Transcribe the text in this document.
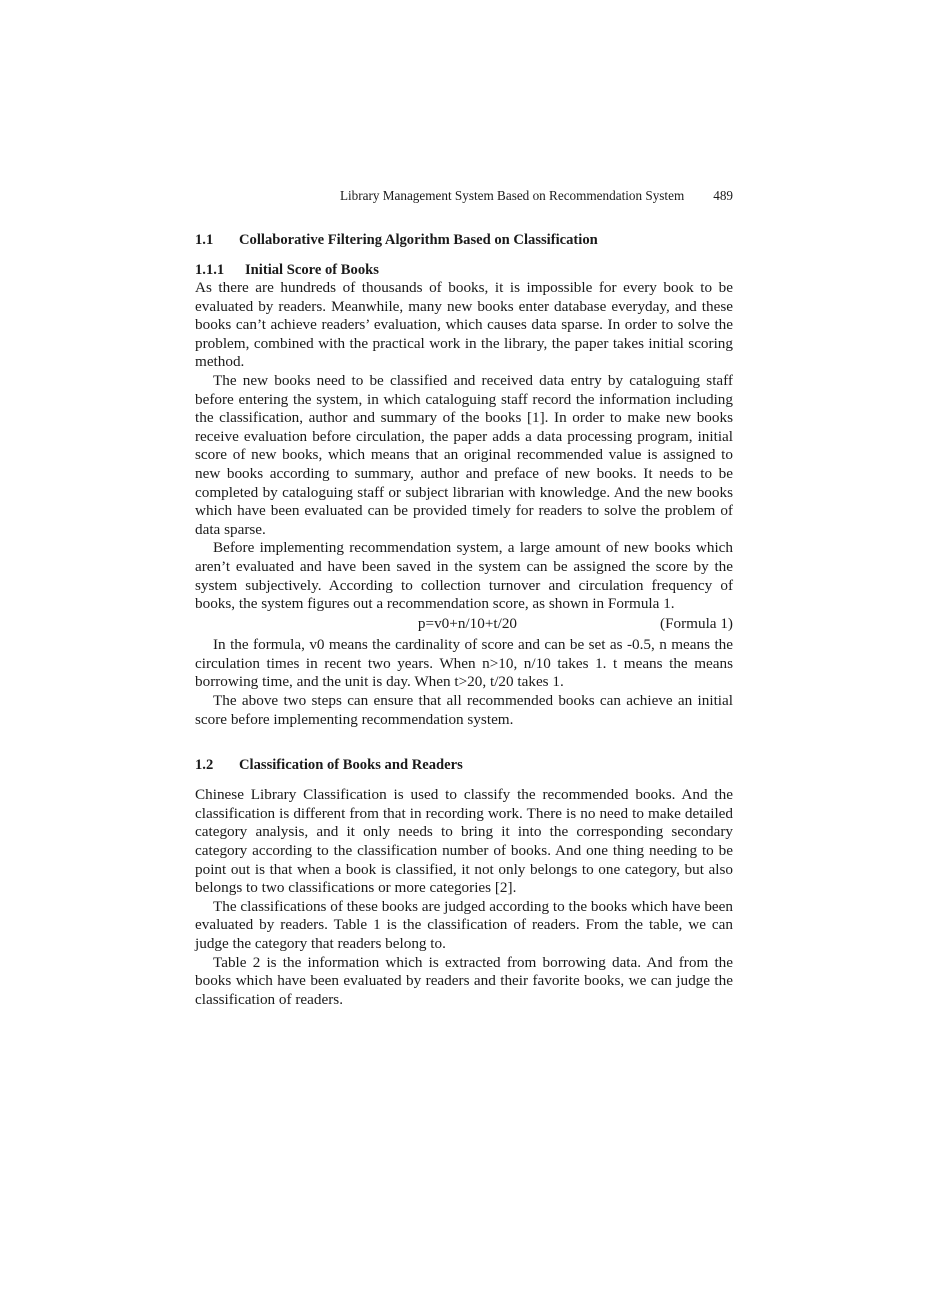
Library Management System Based on Recommendation System 489
1.1	Collaborative Filtering Algorithm Based on Classification
1.1.1	Initial Score of Books

As there are hundreds of thousands of books, it is impossible for every book to be evaluated by readers. Meanwhile, many new books enter database everyday, and these books can’t achieve readers’ evaluation, which causes data sparse. In order to solve the problem, combined with the practical work in the library, the paper takes initial scoring method.

The new books need to be classified and received data entry by cataloguing staff before entering the system, in which cataloguing staff record the information including the classification, author and summary of the books [1]. In order to make new books receive evaluation before circulation, the paper adds a data processing program, initial score of new books, which means that an original recommended value is assigned to new books according to summary, author and preface of new books. It needs to be completed by cataloguing staff or subject librarian with knowledge. And the new books which have been evaluated can be provided timely for readers to solve the problem of data sparse.

Before implementing recommendation system, a large amount of new books which aren’t evaluated and have been saved in the system can be assigned the score by the system subjectively. According to collection turnover and circulation frequency of books, the system figures out a recommendation score, as shown in Formula 1.

p=v0+n/10+t/20	(Formula 1)

In the formula, v0 means the cardinality of score and can be set as -0.5, n means the circulation times in recent two years. When n>10, n/10 takes 1. t means the means borrowing time, and the unit is day. When t>20, t/20 takes 1.

The above two steps can ensure that all recommended books can achieve an initial score before implementing recommendation system.

1.2	Classification of Books and Readers

Chinese Library Classification is used to classify the recommended books. And the classification is different from that in recording work. There is no need to make detailed category analysis, and it only needs to bring it into the corresponding secondary category according to the classification number of books. And one thing needing to be point out is that when a book is classified, it not only belongs to one category, but also belongs to two classifications or more categories [2].

The classifications of these books are judged according to the books which have been evaluated by readers. Table 1 is the classification of readers. From the table, we can judge the category that readers belong to.

Table 2 is the information which is extracted from borrowing data. And from the books which have been evaluated by readers and their favorite books, we can judge the classification of readers.
